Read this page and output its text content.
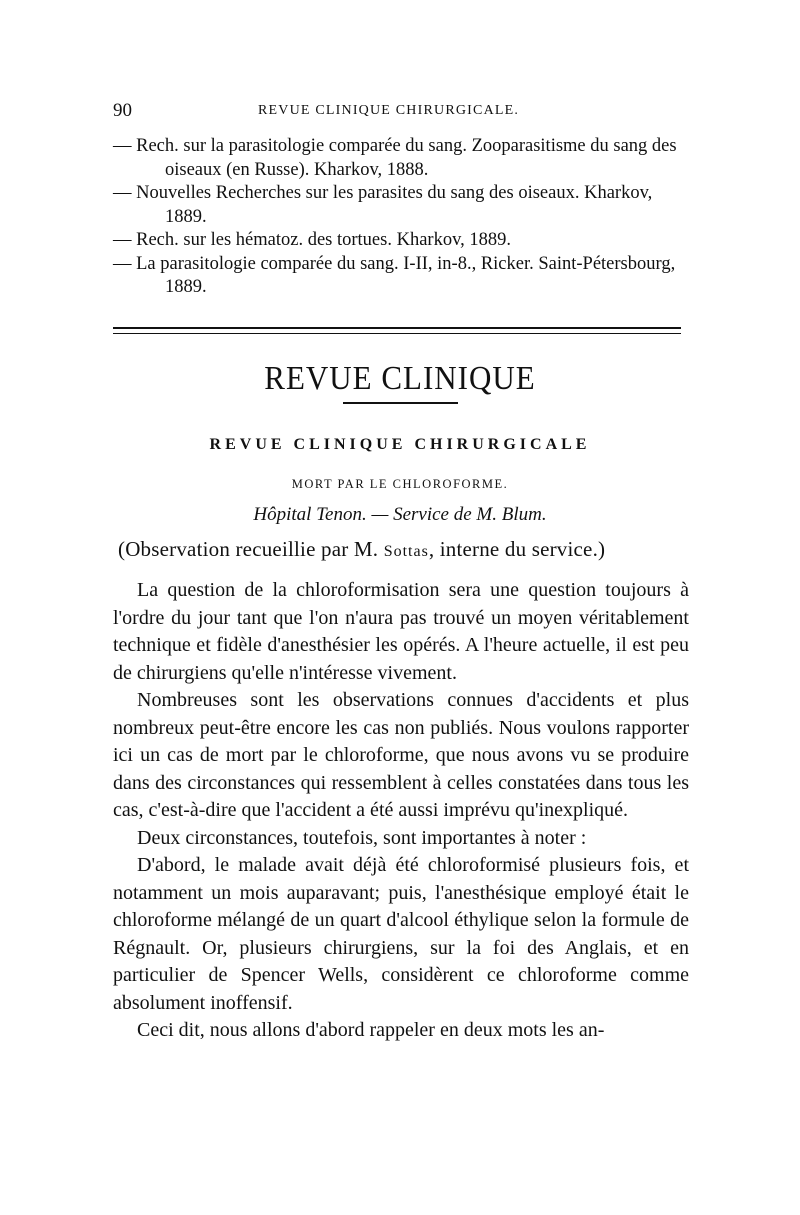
90	REVUE CLINIQUE CHIRURGICALE.

— Rech. sur la parasitologie comparée du sang. Zooparasitisme du sang des oiseaux (en Russe). Kharkov, 1888.

— Nouvelles Recherches sur les parasites du sang des oiseaux. Kharkov, 1889.

— Rech. sur les hématoz. des tortues. Kharkov, 1889.

— La parasitologie comparée du sang. I-II, in-8., Ricker. Saint-Pétersbourg, 1889.

REVUE CLINIQUE
REVUE CLINIQUE CHIRURGICALE
MORT PAR LE CHLOROFORME.
Hôpital Tenon. — Service de M. Blum.
(Observation recueillie par M. Sottas, interne du service.)

La question de la chloroformisation sera une question toujours à l'ordre du jour tant que l'on n'aura pas trouvé un moyen véritablement technique et fidèle d'anesthésier les opérés. A l'heure actuelle, il est peu de chirurgiens qu'elle n'intéresse vivement.

Nombreuses sont les observations connues d'accidents et plus nombreux peut-être encore les cas non publiés. Nous voulons rapporter ici un cas de mort par le chloroforme, que nous avons vu se produire dans des circonstances qui ressemblent à celles constatées dans tous les cas, c'est-à-dire que l'accident a été aussi imprévu qu'inexpliqué.

Deux circonstances, toutefois, sont importantes à noter :

D'abord, le malade avait déjà été chloroformisé plusieurs fois, et notamment un mois auparavant; puis, l'anesthésique employé était le chloroforme mélangé de un quart d'alcool éthylique selon la formule de Régnault. Or, plusieurs chirurgiens, sur la foi des Anglais, et en particulier de Spencer Wells, considèrent ce chloroforme comme absolument inoffensif.

Ceci dit, nous allons d'abord rappeler en deux mots les an-
